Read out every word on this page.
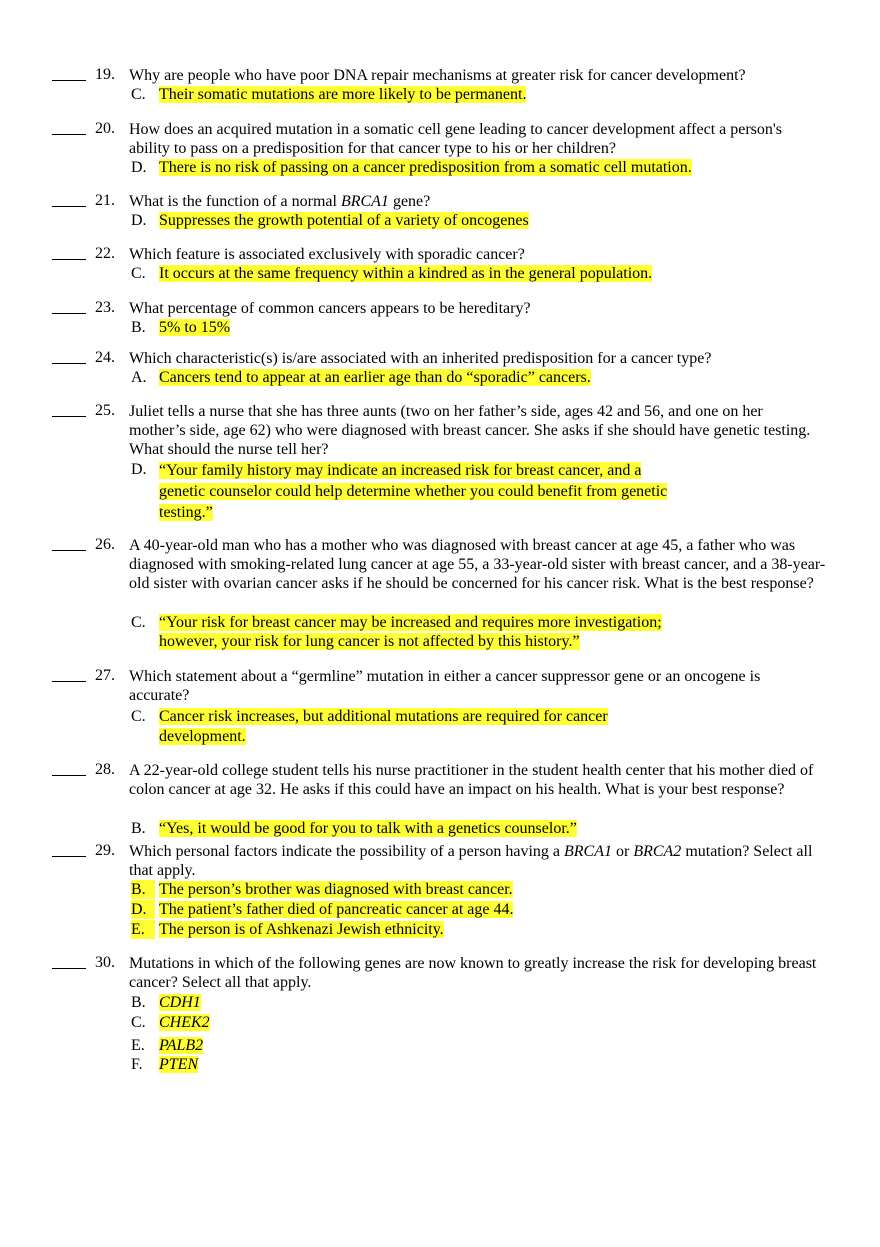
19. Why are people who have poor DNA repair mechanisms at greater risk for cancer development?
C. Their somatic mutations are more likely to be permanent.
20. How does an acquired mutation in a somatic cell gene leading to cancer development affect a person's ability to pass on a predisposition for that cancer type to his or her children?
D. There is no risk of passing on a cancer predisposition from a somatic cell mutation.
21. What is the function of a normal BRCA1 gene?
D. Suppresses the growth potential of a variety of oncogenes
22. Which feature is associated exclusively with sporadic cancer?
C. It occurs at the same frequency within a kindred as in the general population.
23. What percentage of common cancers appears to be hereditary?
B. 5% to 15%
24. Which characteristic(s) is/are associated with an inherited predisposition for a cancer type?
A. Cancers tend to appear at an earlier age than do “sporadic” cancers.
25. Juliet tells a nurse that she has three aunts (two on her father’s side, ages 42 and 56, and one on her mother’s side, age 62) who were diagnosed with breast cancer. She asks if she should have genetic testing. What should the nurse tell her?
D. “Your family history may indicate an increased risk for breast cancer, and a
genetic counselor could help determine whether you could benefit from genetic
testing.”
26. A 40-year-old man who has a mother who was diagnosed with breast cancer at age 45, a father who was diagnosed with smoking-related lung cancer at age 55, a 33-year-old sister with breast cancer, and a 38-year-old sister with ovarian cancer asks if he should be concerned for his cancer risk. What is the best response?
C. “Your risk for breast cancer may be increased and requires more investigation;
however, your risk for lung cancer is not affected by this history.”
27. Which statement about a “germline” mutation in either a cancer suppressor gene or an oncogene is accurate?
C. Cancer risk increases, but additional mutations are required for cancer
development.
28. A 22-year-old college student tells his nurse practitioner in the student health center that his mother died of colon cancer at age 32. He asks if this could have an impact on his health. What is your best response?
B. “Yes, it would be good for you to talk with a genetics counselor.”
29. Which personal factors indicate the possibility of a person having a BRCA1 or BRCA2 mutation? Select all that apply.
B. The person’s brother was diagnosed with breast cancer.
D. The patient’s father died of pancreatic cancer at age 44.
E. The person is of Ashkenazi Jewish ethnicity.
30. Mutations in which of the following genes are now known to greatly increase the risk for developing breast cancer? Select all that apply.
B. CDH1
C. CHEK2
E. PALB2
F.	PTEN
